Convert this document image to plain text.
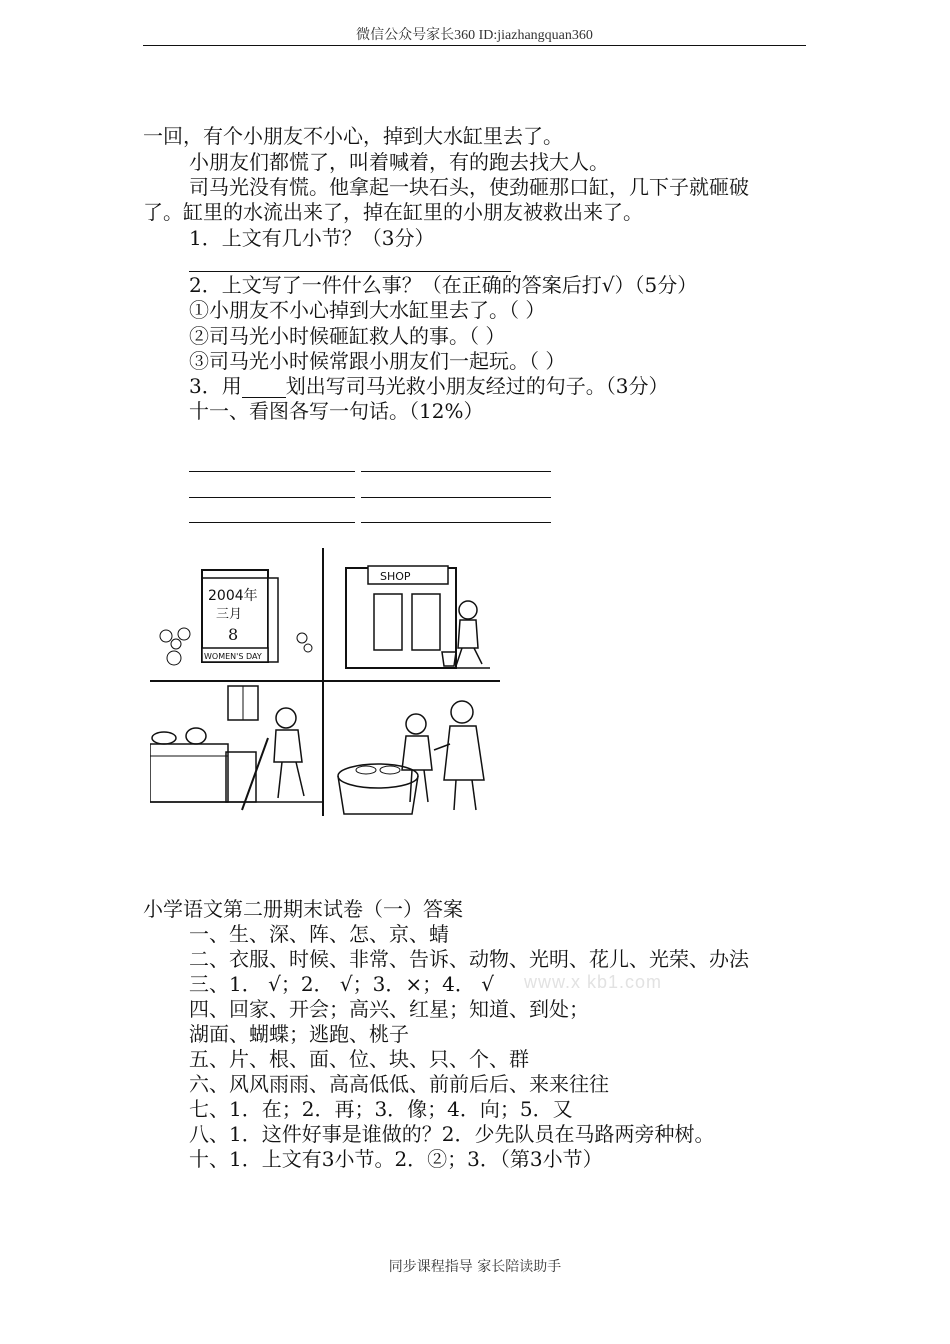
微信公众号家长360 ID:jiazhangquan360
一回，有个小朋友不小心，掉到大水缸里去了。
小朋友们都慌了，叫着喊着，有的跑去找大人。
司马光没有慌。他拿起一块石头，使劲砸那口缸，几下子就砸破
了。缸里的水流出来了，掉在缸里的小朋友被救出来了。
1．上文有几小节？（3分）
2．上文写了一件什么事？（在正确的答案后打√）（5分）
①小朋友不小心掉到大水缸里去了。（ ）
②司马光小时候砸缸救人的事。（ ）
③司马光小时候常跟小朋友们一起玩。（ ）
3．用 划出写司马光救小朋友经过的句子。（3分）
十一、看图各写一句话。（12%）
2004年
三月
8
WOMEN'S DAY
SHOP
小学语文第二册期末试卷（一）答案
一、生、深、阵、怎、京、蜻
二、衣服、时候、非常、告诉、动物、光明、花儿、光荣、办法
三、1． √；2． √；3．×；4． √ www.x kb1.com
四、回家、开会；高兴、红星；知道、到处；
湖面、蝴蝶；逃跑、桃子
五、片、根、面、位、块、只、个、群
六、风风雨雨、高高低低、前前后后、来来往往
七、1．在；2．再；3．像；4．向；5．又
八、1．这件好事是谁做的？2．少先队员在马路两旁种树。
十、1．上文有3小节。2．②；3．（第3小节）
同步课程指导 家长陪读助手
